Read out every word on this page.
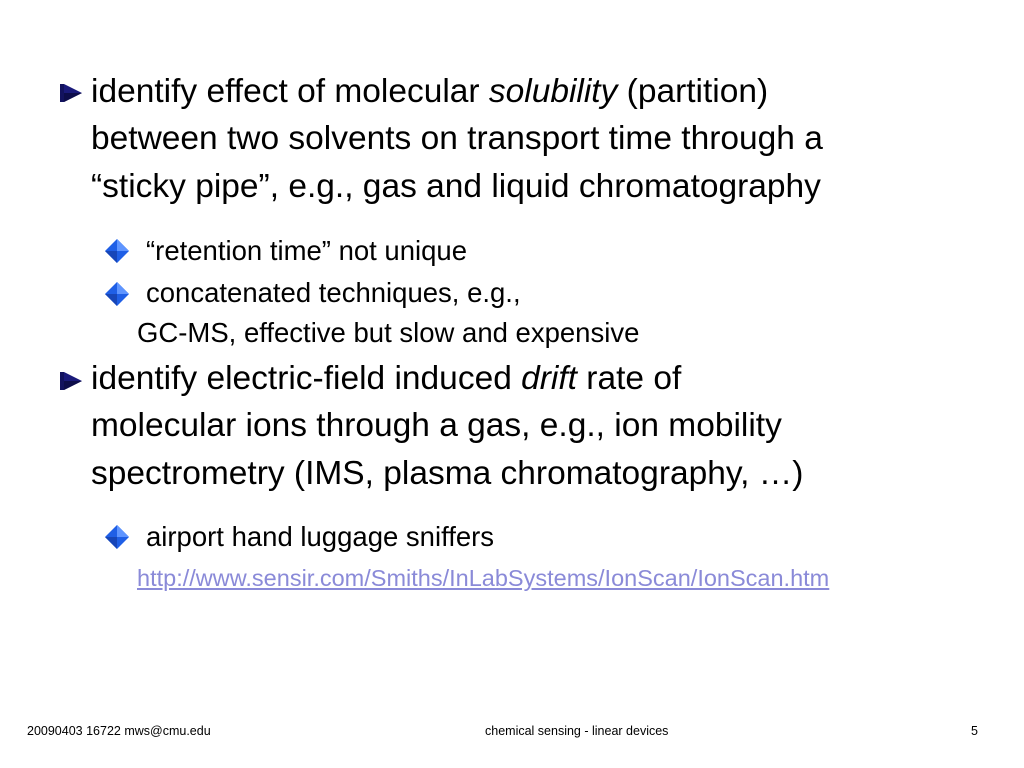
identify effect of molecular solubility (partition)
between two solvents on transport time through a
“sticky pipe”, e.g., gas and liquid chromatography
“retention time” not unique
concatenated techniques, e.g.,
GC-MS, effective but slow and expensive
identify electric-field induced drift rate of
molecular ions through a gas, e.g., ion mobility
spectrometry (IMS, plasma chromatography, …)
airport hand luggage sniffers
http://www.sensir.com/Smiths/InLabSystems/IonScan/IonScan.htm
20090403 16722 mws@cmu.edu	chemical sensing - linear devices	5
